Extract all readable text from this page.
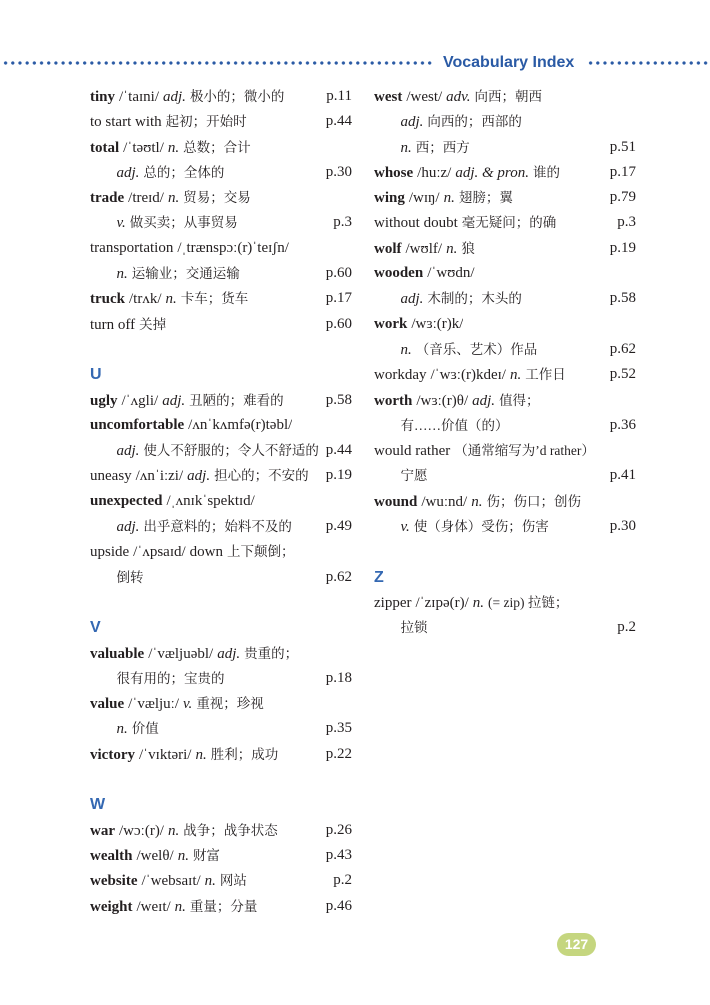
Vocabulary Index
tiny /ˈtaɪni/ adj. 极小的；微小的	p.11
to start with 起初；开始时	p.44
total /ˈtəʊtl/ n. 总数；合计
adj. 总的；全体的	p.30
trade /treɪd/ n. 贸易；交易
v. 做买卖；从事贸易	p.3
transportation /ˌtrænspɔː(r)ˈteɪʃn/
n. 运输业；交通运输	p.60
truck /trʌk/ n. 卡车；货车	p.17
turn off 关掉	p.60
U
ugly /ˈʌgli/ adj. 丑陋的；难看的	p.58
uncomfortable /ʌnˈkʌmfə(r)təbl/
adj. 使人不舒服的；令人不舒适的 p.44
uneasy /ʌnˈiːzi/ adj. 担心的；不安的 p.19
unexpected /ˌʌnɪkˈspektɪd/
adj. 出乎意料的；始料不及的 p.49
upside /ˈʌpsaɪd/ down 上下颠倒；
倒转	p.62
V
valuable /ˈvæljuəbl/ adj. 贵重的；
很有用的；宝贵的	p.18
value /ˈvæljuː/ v. 重视；珍视
n. 价值	p.35
victory /ˈvɪktəri/ n. 胜利；成功	p.22
W
war /wɔː(r)/ n. 战争；战争状态	p.26
wealth /welθ/ n. 财富	p.43
website /ˈwebsaɪt/ n. 网站	p.2
weight /weɪt/ n. 重量；分量	p.46
west /west/ adv. 向西；朝西
adj. 向西的；西部的
n. 西；西方	p.51
whose /huːz/ adj. & pron. 谁的	p.17
wing /wɪŋ/ n. 翅膀；翼	p.79
without doubt 毫无疑问；的确	p.3
wolf /wʊlf/ n. 狼	p.19
wooden /ˈwʊdn/
adj. 木制的；木头的	p.58
work /wɜː(r)k/
n. （音乐、艺术）作品	p.62
workday /ˈwɜː(r)kdeɪ/ n. 工作日	p.52
worth /wɜː(r)θ/ adj. 值得；
有……价值（的）	p.36
would rather （通常缩写为’d rather）
宁愿	p.41
wound /wuːnd/ n. 伤；伤口；创伤
v. 使（身体）受伤；伤害	p.30
Z
zipper /ˈzɪpə(r)/ n. (= zip) 拉链；
拉锁	p.2
127
